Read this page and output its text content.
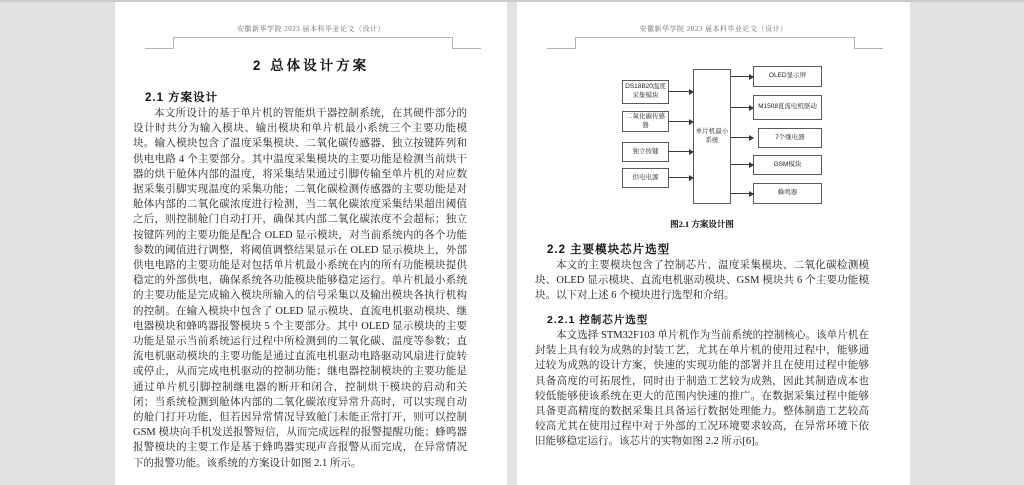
安徽新华学院 2023 届本科毕业论文（设计）
2 总体设计方案
2.1 方案设计
本文所设计的基于单片机的智能烘干器控制系统，在其硬件部分的设计时共分为输入模块、输出模块和单片机最小系统三个主要功能模块。输入模块包含了温度采集模块、二氧化碳传感器、独立按键阵列和供电电路 4 个主要部分。其中温度采集模块的主要功能是检测当前烘干器的烘干舱体内部的温度，将采集结果通过引脚传输至单片机的对应数据采集引脚实现温度的采集功能；二氧化碳检测传感器的主要功能是对舱体内部的二氧化碳浓度进行检测，当二氧化碳浓度采集结果超出阈值之后，则控制舱门自动打开，确保其内部二氧化碳浓度不会超标；独立按键阵列的主要功能是配合 OLED 显示模块，对当前系统内的各个功能参数的阈值进行调整，将阈值调整结果显示在 OLED 显示模块上，外部供电电路的主要功能是对包括单片机最小系统在内的所有功能模块提供稳定的外部供电，确保系统各功能模块能够稳定运行。单片机最小系统的主要功能是完成输入模块所输入的信号采集以及输出模块各执行机构的控制。在输入模块中包含了 OLED 显示模块、直流电机驱动模块、继电器模块和蜂鸣器报警模块 5 个主要部分。其中 OLED 显示模块的主要功能是显示当前系统运行过程中所检测到的二氧化碳、温度等参数；直流电机驱动模块的主要功能是通过直流电机驱动电路驱动风扇进行旋转或停止，从而完成电机驱动的控制功能；继电器控制模块的主要功能是通过单片机引脚控制继电器的断开和闭合，控制烘干模块的启动和关闭；当系统检测到舱体内部的二氧化碳浓度异常升高时，可以实现自动的舱门打开功能，但若因异常情况导致舱门未能正常打开，则可以控制 GSM 模块向手机发送报警短信，从而完成远程的报警提醒功能；蜂鸣器报警模块的主要工作是基于蜂鸣器实现声音报警从而完成，在异常情况下的报警功能。该系统的方案设计如图 2.1 所示。
安徽新华学院 2023 届本科毕业论文（设计）
DS18B20温度采集模块
二氧化碳传感器
独立按键
供电电源
单片机最小系统
OLED显示屏
M1508直流电机驱动
7个继电器
GSM模块
蜂鸣器
图2.1 方案设计图
2.2 主要模块芯片选型
本文的主要模块包含了控制芯片、温度采集模块、二氧化碳检测模块、OLED 显示模块、直流电机驱动模块、GSM 模块共 6 个主要功能模块。以下对上述 6 个模块进行选型和介绍。
2.2.1 控制芯片选型
本文选择 STM32F103 单片机作为当前系统的控制核心。该单片机在封装上具有较为成熟的封装工艺，尤其在单片机的使用过程中，能够通过较为成熟的设计方案，快速的实现功能的部署并且在使用过程中能够具备高度的可拓展性，同时由于制造工艺较为成熟，因此其制造成本也较低能够使该系统在更大的范围内快速的推广。在数据采集过程中能够具备更高精度的数据采集且具备运行数据处理能力。整体制造工艺较高较高尤其在使用过程中对于外部的工况环境要求较高，在异常环境下依旧能够稳定运行。该芯片的实物如图 2.2 所示[6]。
